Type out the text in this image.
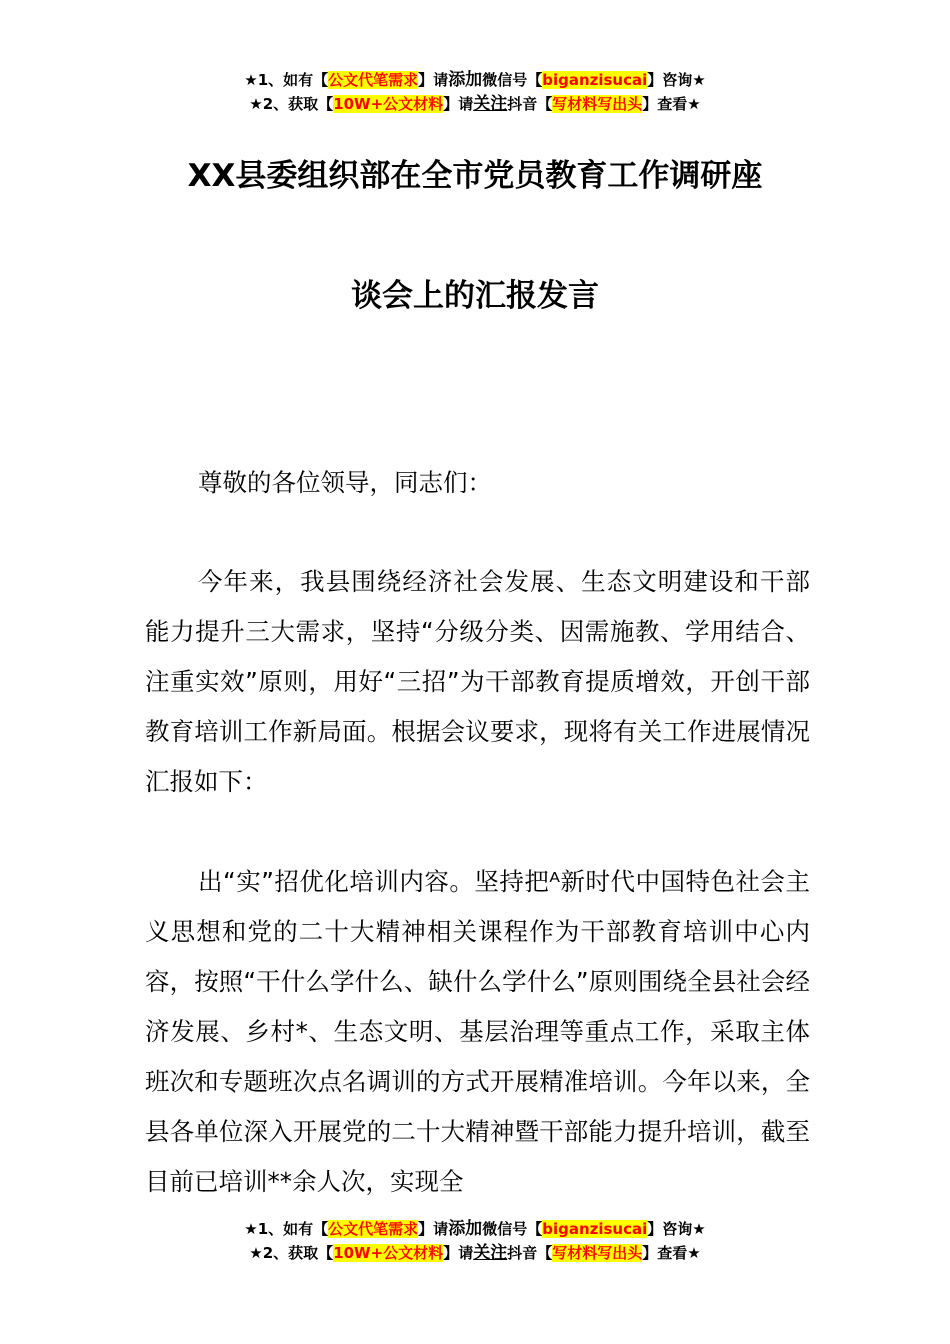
★1、如有【公文代笔需求】请添加微信号【biganzisucai】咨询★
★2、获取【10W+公文材料】请关注抖音【写材料写出头】查看★
XX县委组织部在全市党员教育工作调研座
谈会上的汇报发言

尊敬的各位领导，同志们：

今年来，我县围绕经济社会发展、生态文明建设和干部能力提升三大需求，坚持“分级分类、因需施教、学用结合、注重实效”原则，用好“三招”为干部教育提质增效，开创干部教育培训工作新局面。根据会议要求，现将有关工作进展情况汇报如下：

出“实”招优化培训内容。坚持把ᴬ新时代中国特色社会主义思想和党的二十大精神相关课程作为干部教育培训中心内容，按照“干什么学什么、缺什么学什么”原则围绕全县社会经济发展、乡村*、生态文明、基层治理等重点工作，采取主体班次和专题班次点名调训的方式开展精准培训。今年以来，全县各单位深入开展党的二十大精神暨干部能力提升培训，截至目前已培训**余人次，实现全

★1、如有【公文代笔需求】请添加微信号【biganzisucai】咨询★
★2、获取【10W+公文材料】请关注抖音【写材料写出头】查看★
